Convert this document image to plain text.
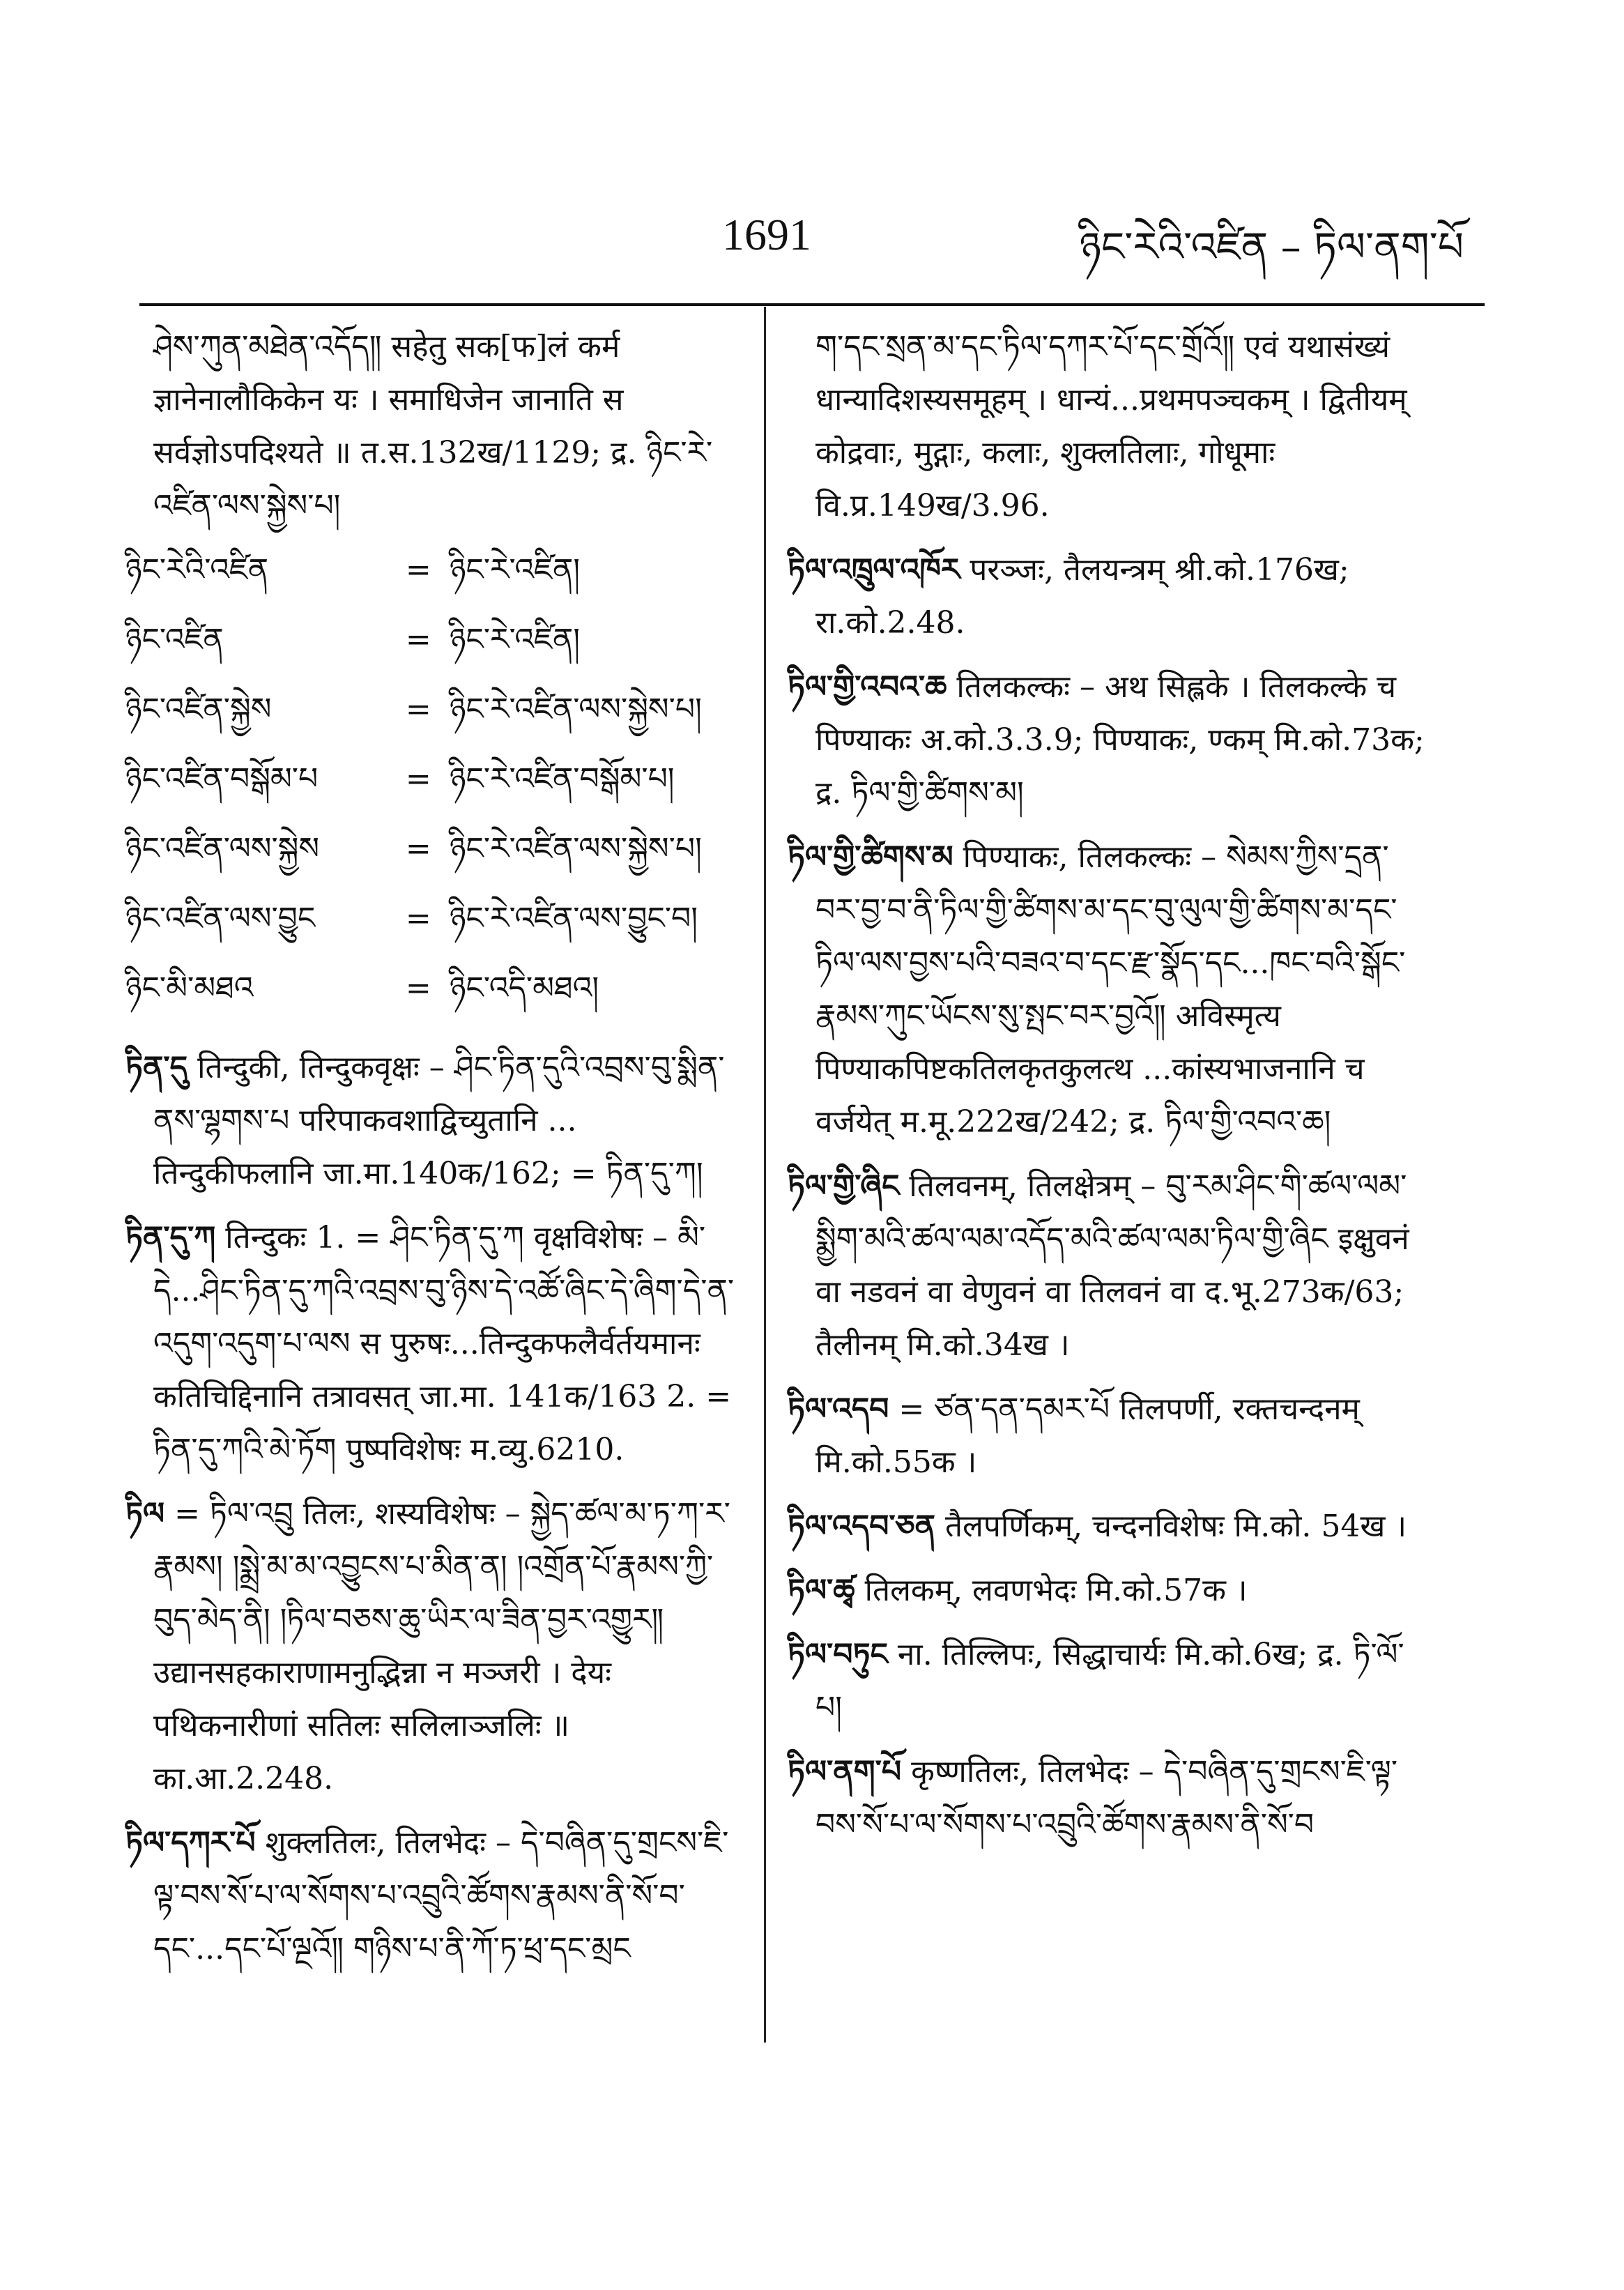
1691	ཉིང་རེའི་འཛིན – ཏིལ་ནག་པོ

ཤེས་ཀུན་མཐེན་འདོད༎ सहेतु सक[फ]लं कर्म ज्ञानेनालौकिकेन यः । समाधिजेन जानाति स सर्वज्ञोऽपदिश्यते ॥ त.स.132ख/1129; द्र. ཉིང་རེ་འཛིན་ལས་སྐྱེས་པ།

ཉིང་རེའི་འཛིན	=	ཉིང་རེ་འཛིན།
ཉིང་འཛིན	=	ཉིང་རེ་འཛིན།
ཉིང་འཛིན་སྐྱེས	=	ཉིང་རེ་འཛིན་ལས་སྐྱེས་པ།
ཉིང་འཛིན་བསྒོམ་པ	=	ཉིང་རེ་འཛིན་བསྒོམ་པ།
ཉིང་འཛིན་ལས་སྐྱེས	=	ཉིང་རེ་འཛིན་ལས་སྐྱེས་པ།
ཉིང་འཛིན་ལས་བྱུང	=	ཉིང་རེ་འཛིན་ལས་བྱུང་བ།
ཉིང་མི་མཐའ	=	ཉིང་འདི་མཐའ།

ཏིན་དུ तिन्दुकी, तिन्दुकवृक्षः – ཤིང་ཏིན་དུའི་འབྲས་བུ་སྨིན་ནས་ལྷགས་པ परिपाकवशाद्विच्युतानि ... तिन्दुकीफलानि जा.मा.140क/162; = ཏིན་དུ་ཀ།

ཏིན་དུ་ཀ तिन्दुकः 1. = ཤིང་ཏིན་དུ་ཀ वृक्षविशेषः – མི་དེ...ཤིང་ཏིན་དུ་ཀའི་འབྲས་བུ་ཉིས་དེ་འཚོ་ཞིང་དེ་ཞིག་དེ་ན་འདུག་འདུག་པ་ལས स पुरुषः...तिन्दुकफलैर्वर्तयमानः कतिचिद्दिनानि तत्रावसत् जा.मा. 141क/163 2. = ཏིན་དུ་ཀའི་མེ་ཏོག पुष्पविशेषः म.व्यु.6210.

ཏིལ = ཏིལ་འབྲུ तिलः, शस्यविशेषः – སྐྱེད་ཚལ་མ་ཏ་ཀ་ར་རྣམས། །སྨྲེ་མ་མ་འབྱུངས་པ་མིན་ན། །འགྲོན་པོ་རྣམས་ཀྱི་བུད་མེད་ནི། །ཏིལ་བཅས་ཆུ་ཡིར་ལ་ཟིན་བྱར་འགྱུར༎ उद्यानसहकाराणामनुद्भिन्ना न मञ्जरी । देयः पथिकनारीणां सतिलः सलिलाञ्जलिः ॥ का.आ.2.248.

ཏིལ་དཀར་པོ शुक्लतिलः, तिलभेदः – དེ་བཞིན་དུ་གྲངས་ཇི་ལྟ་བས་སོ་པ་ལ་སོགས་པ་འབྲུའི་ཚོགས་རྣམས་ནི་སོ་བ་དང་...དང་པོ་ལྔའོ༎ གཉིས་པ་ནི་ཀོ་ཏ་ཕྲ་དང་མྲང

ག་དང་སྲན་མ་དང་ཏིལ་དཀར་པོ་དང་གྲོའོ༎ एवं यथासंख्यं धान्यादिशस्यसमूहम् । धान्यं...प्रथमपञ्चकम् । द्वितीयम् कोद्रवाः, मुद्गाः, कलाः, शुक्लतिलाः, गोधूमाः वि.प्र.149ख/3.96.

ཏིལ་འཁྲུལ་འཁོར परञ्जः, तैलयन्त्रम् श्री.को.176ख; रा.को.2.48.

ཏིལ་གྱི་འབའ་ཆ तिलकल्कः – अथ सिह्लके । तिलकल्के च पिण्याकः अ.को.3.3.9; पिण्याकः, ण्कम् मि.को.73क; द्र. ཏིལ་གྱི་ཚིགས་མ།

ཏིལ་གྱི་ཚིགས་མ पिण्याकः, तिलकल्कः – སེམས་ཀྱིས་དྲན་བར་བྱ་བ་ནི་ཏིལ་གྱི་ཚིགས་མ་དང་བུ་ལུལ་གྱི་ཚིགས་མ་དང་ཏིལ་ལས་བྱས་པའི་བཟའ་བ་དང་རྫ་སྣོད་དང...ཁང་བའི་སྒོང་རྣམས་ཀུང་ཡོངས་སུ་སྤང་བར་བྱའོ༎ अविस्मृत्य पिण्याकपिष्टकतिलकृतकुलत्थ ...कांस्यभाजनानि च वर्जयेत् म.मू.222ख/242; द्र. ཏིལ་གྱི་འབའ་ཆ།

ཏིལ་གྱི་ཞིང तिलवनम्, तिलक्षेत्रम् – བུ་རམ་ཤིང་གི་ཚལ་ལམ་སྨྱིག་མའི་ཚལ་ལམ་འདོད་མའི་ཚལ་ལམ་ཏིལ་གྱི་ཞིང इक्षुवनं वा नडवनं वा वेणुवनं वा तिलवनं वा द.भू.273क/63; तैलीनम् मि.को.34ख ।

ཏིལ་འདབ = ཙན་དན་དམར་པོ तिलपर्णी, रक्तचन्दनम् मि.को.55क ।

ཏིལ་འདབ་ཅན तैलपर्णिकम्, चन्दनविशेषः मि.को. 54ख ।

ཏིལ་ཚྭ तिलकम्, लवणभेदः मि.को.57क ।

ཏིལ་བཏུང ना. तिल्लिपः, सिद्धाचार्यः मि.को.6ख; द्र. ཏི་ལོ་པ།

ཏིལ་ནག་པོ कृष्णतिलः, तिलभेदः – དེ་བཞིན་དུ་གྲངས་ཇི་ལྟ་བས་སོ་པ་ལ་སོགས་པ་འབྲུའི་ཚོགས་རྣམས་ནི་སོ་བ
